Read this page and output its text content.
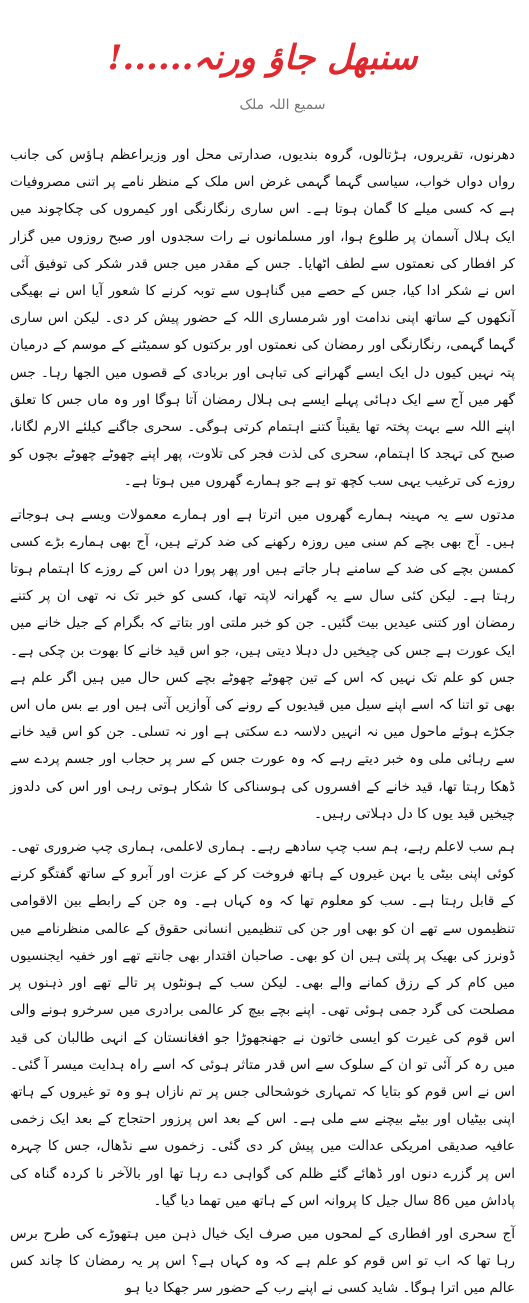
سنبھل جاؤ ورنہ......!
سمیع اللہ ملک

دھرنوں، تقریروں، ہڑتالوں، گروہ بندیوں، صدارتی محل اور وزیراعظم ہاؤس کی جانب رواں دواں خواب، سیاسی گہما گہمی غرض اس ملک کے منظر نامے پر اتنی مصروفیات ہے کہ کسی میلے کا گمان ہوتا ہے۔ اس ساری رنگارنگی اور کیمروں کی چکاچوند میں ایک ہلال آسمان پر طلوع ہوا، اور مسلمانوں نے رات سجدوں اور صبح روزوں میں گزار کر افطار کی نعمتوں سے لطف اٹھایا۔ جس کے مقدر میں جس قدر شکر کی توفیق آئی اس نے شکر ادا کیا، جس کے حصے میں گناہوں سے توبہ کرنے کا شعور آیا اس نے بھیگی آنکھوں کے ساتھ اپنی ندامت اور شرمساری اللہ کے حضور پیش کر دی۔ لیکن اس ساری گہما گہمی، رنگارنگی اور رمضان کی نعمتوں اور برکتوں کو سمیٹنے کے موسم کے درمیان پتہ نہیں کیوں دل ایک ایسے گھرانے کی تباہی اور بربادی کے قصوں میں الجھا رہا۔ جس گھر میں آج سے ایک دہائی پہلے ایسے ہی ہلال رمضان آتا ہوگا اور وہ ماں جس کا تعلق اپنے اللہ سے بہت پختہ تھا یقیناً کتنے اہتمام کرتی ہوگی۔ سحری جاگنے کیلئے الارم لگانا، صبح کی تہجد کا اہتمام، سحری کی لذت فجر کی تلاوت، پھر اپنے چھوٹے چھوٹے بچوں کو روزے کی ترغیب یہی سب کچھ تو ہے جو ہمارے گھروں میں ہوتا ہے۔

مدتوں سے یہ مہینہ ہمارے گھروں میں اترتا ہے اور ہمارے معمولات ویسے ہی ہوجاتے ہیں۔ آج بھی بچے کم سنی میں روزہ رکھنے کی ضد کرتے ہیں، آج بھی ہمارے بڑے کسی کمسن بچے کی ضد کے سامنے ہار جاتے ہیں اور پھر پورا دن اس کے روزے کا اہتمام ہوتا رہتا ہے۔ لیکن کئی سال سے یہ گھرانہ لاپتہ تھا، کسی کو خبر تک نہ تھی ان پر کتنے رمضان اور کتنی عیدیں بیت گئیں۔ جن کو خبر ملتی اور بتاتے کہ بگرام کے جیل خانے میں ایک عورت ہے جس کی چیخیں دل دہلا دیتی ہیں، جو اس قید خانے کا بھوت بن چکی ہے۔ جس کو علم تک نہیں کہ اس کے تین چھوٹے چھوٹے بچے کس حال میں ہیں اگر علم ہے بھی تو اتنا کہ اسے اپنے سیل میں قیدیوں کے رونے کی آوازیں آتی ہیں اور بے بس ماں اس جکڑے ہوئے ماحول میں نہ انہیں دلاسہ دے سکتی ہے اور نہ تسلی۔ جن کو اس قید خانے سے رہائی ملی وہ خبر دیتے رہے کہ وہ عورت جس کے سر پر حجاب اور جسم پردے سے ڈھکا رہتا تھا، قید خانے کے افسروں کی ہوسناکی کا شکار ہوتی رہی اور اس کی دلدوز چیخیں قید یوں کا دل دہلاتی رہیں۔

ہم سب لاعلم رہے، ہم سب چپ سادھے رہے۔ ہماری لاعلمی، ہماری چپ ضروری تھی۔ کوئی اپنی بیٹی یا بہن غیروں کے ہاتھ فروخت کر کے عزت اور آبرو کے ساتھ گفتگو کرنے کے قابل رہتا ہے۔ سب کو معلوم تھا کہ وہ کہاں ہے۔ وہ جن کے رابطے بین الاقوامی تنظیموں سے تھے ان کو بھی اور جن کی تنظیمیں انسانی حقوق کے عالمی منظرنامے میں ڈونرز کی بھیک پر پلتی ہیں ان کو بھی۔ صاحبان اقتدار بھی جانتے تھے اور خفیہ ایجنسیوں میں کام کر کے رزق کمانے والے بھی۔ لیکن سب کے ہونٹوں پر تالے تھے اور ذہنوں پر مصلحت کی گرد جمی ہوئی تھی۔ اپنے بچے بیچ کر عالمی برادری میں سرخرو ہونے والی اس قوم کی غیرت کو ایسی خاتون نے جھنجھوڑا جو افغانستان کے انہی طالبان کی قید میں رہ کر آئی تو ان کے سلوک سے اس قدر متاثر ہوئی کہ اسے راہ ہدایت میسر آ گئی۔ اس نے اس قوم کو بتایا کہ تمہاری خوشحالی جس پر تم نازاں ہو وہ تو غیروں کے ہاتھ اپنی بیٹیاں اور بیٹے بیچنے سے ملی ہے۔ اس کے بعد اس پرزور احتجاج کے بعد ایک زخمی عافیہ صدیقی امریکی عدالت میں پیش کر دی گئی۔ زخموں سے نڈھال، جس کا چہرہ اس پر گزرے دنوں اور ڈھائے گئے ظلم کی گواہی دے رہا تھا اور بالآخر نا کردہ گناہ کی پاداش میں 86 سال جیل کا پروانہ اس کے ہاتھ میں تھما دیا گیا۔

آج سحری اور افطاری کے لمحوں میں صرف ایک خیال ذہن میں ہتھوڑے کی طرح برس رہا تھا کہ اب تو اس قوم کو علم ہے کہ وہ کہاں ہے؟ اس پر یہ رمضان کا چاند کس عالم میں اترا ہوگا۔ شاید کسی نے اپنے رب کے حضور سر جھکا دیا ہو
